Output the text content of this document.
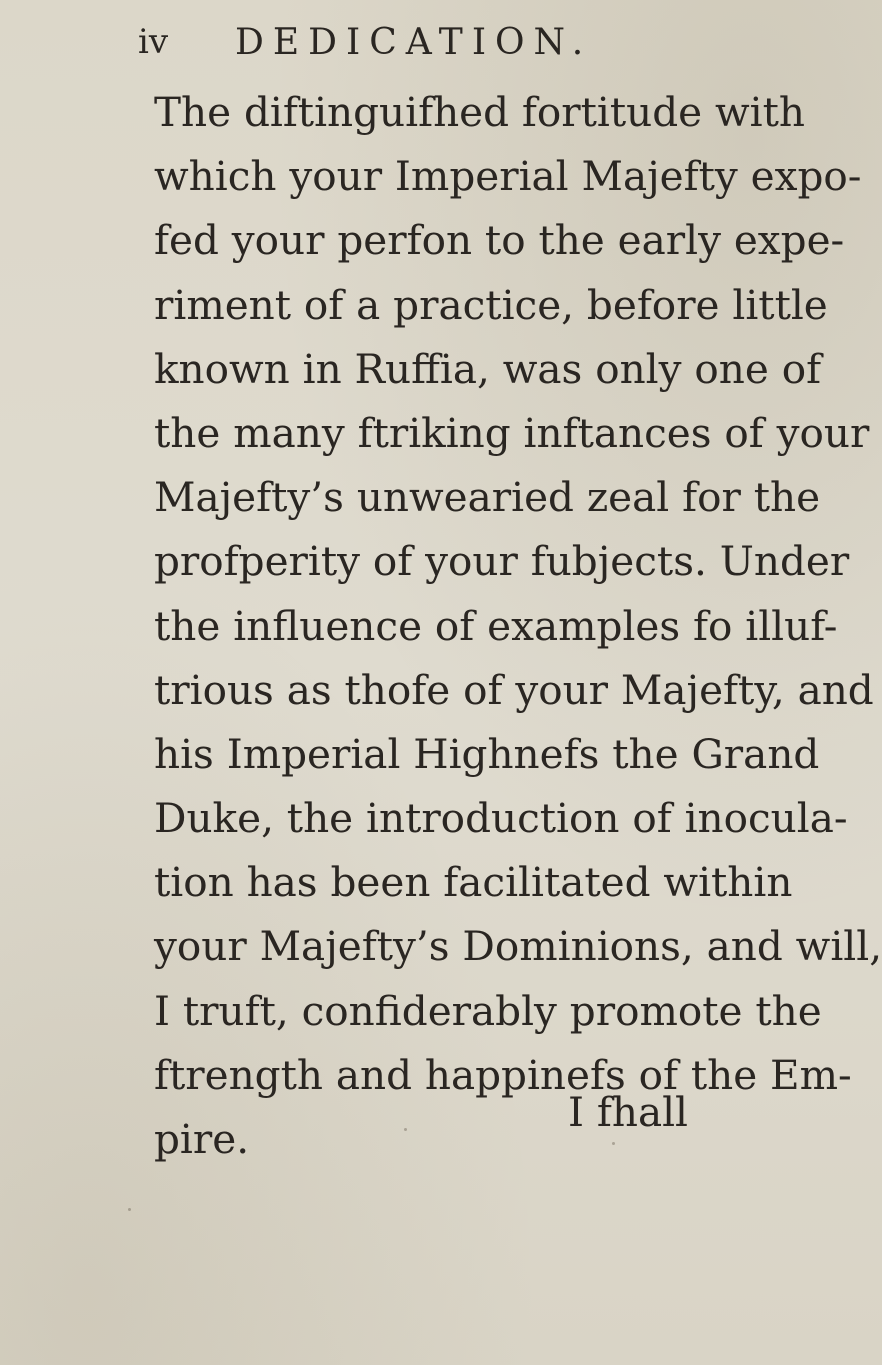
iv DEDICATION.
The diftinguifhed fortitude with
which your Imperial Majefty expo-
fed your perfon to the early expe-
riment of a practice, before little
known in Ruffia, was only one of
the many ftriking inftances of your
Majefty’s unwearied zeal for the
profperity of your fubjects. Under
the influence of examples fo illuf-
trious as thofe of your Majefty, and
his Imperial Highnefs the Grand
Duke, the introduction of inocula-
tion has been facilitated within
your Majefty’s Dominions, and will,
I truft, confiderably promote the
ftrength and happinefs of the Em-
pire.
I fhall
